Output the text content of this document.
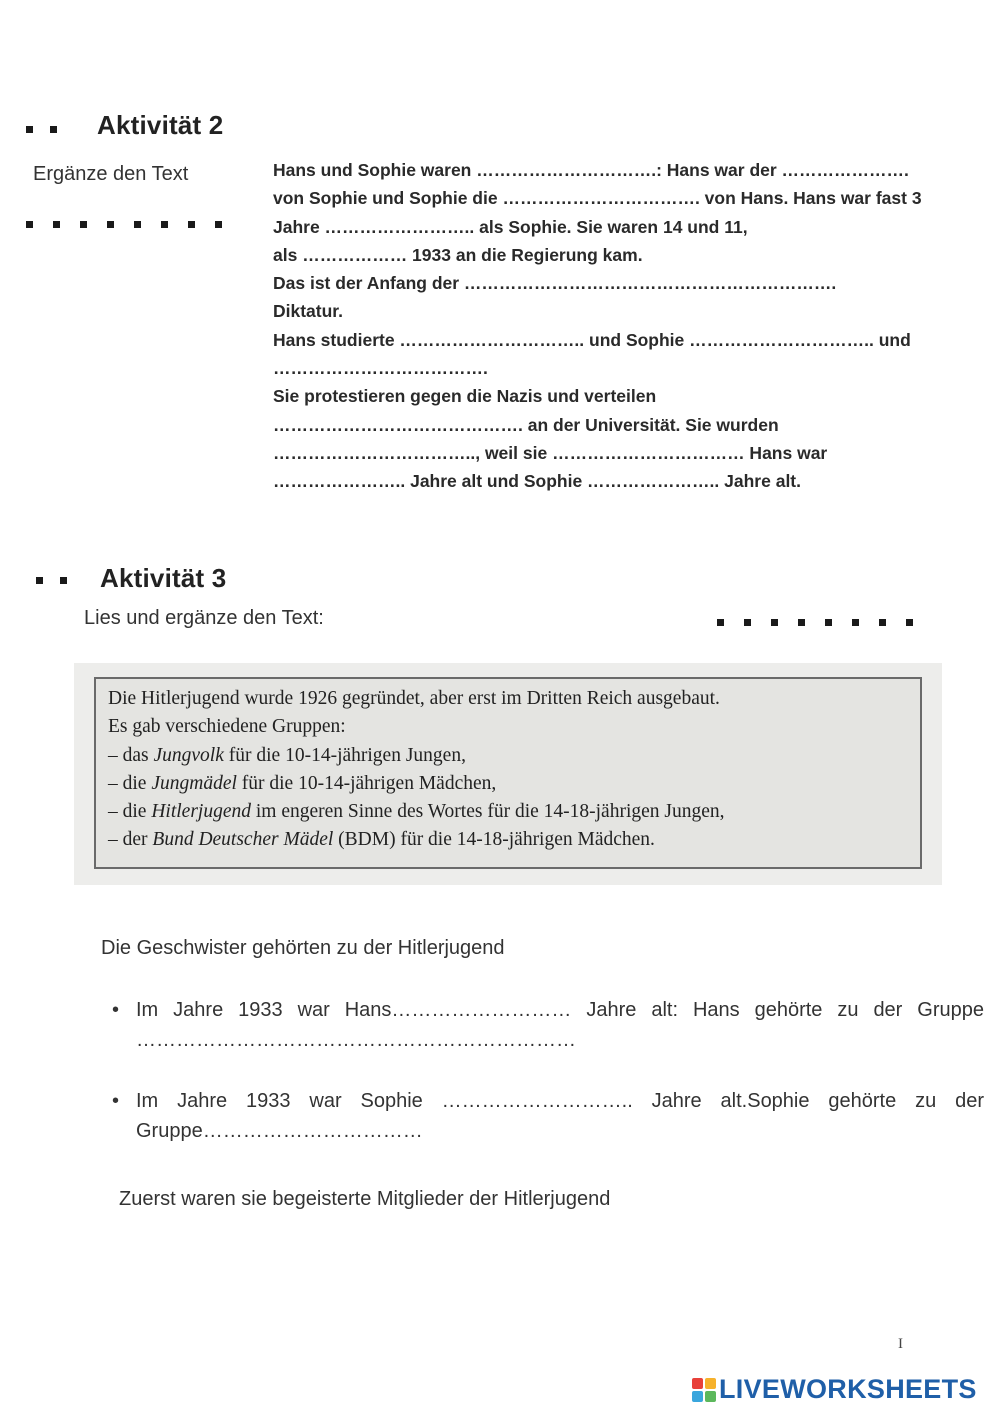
Aktivität 2
Ergänze den Text	Hans und Sophie waren ………………………….: Hans war der ………………….
von Sophie und Sophie die ……………………………. von Hans. Hans war fast 3
Jahre …………………….. als Sophie. Sie waren 14 und 11,
als ……………… 1933 an die Regierung kam.
Das ist der Anfang der ……………………………………………………….
Diktatur.
Hans studierte ………………………….. und Sophie ………………………….. und
……………………………….
Sie protestieren gegen die Nazis und verteilen
……………………………………. an der Universität. Sie wurden
…………………………….., weil sie …………………………… Hans war
………………….. Jahre alt und Sophie ………………….. Jahre alt.
Aktivität 3
Lies und ergänze den Text:
Die Hitlerjugend wurde 1926 gegründet, aber erst im Dritten Reich ausgebaut.
Es gab verschiedene Gruppen:
– das Jungvolk für die 10-14-jährigen Jungen,
– die Jungmädel für die 10-14-jährigen Mädchen,
– die Hitlerjugend im engeren Sinne des Wortes für die 14-18-jährigen Jungen,
– der Bund Deutscher Mädel (BDM) für die 14-18-jährigen Mädchen.
Die Geschwister gehörten zu der Hitlerjugend
• Im Jahre 1933 war Hans……………………… Jahre alt: Hans gehörte zu der Gruppe …………………………………………………………
• Im Jahre 1933 war Sophie ……………………….. Jahre alt.Sophie gehörte zu der Gruppe……………………………
Zuerst waren sie begeisterte Mitglieder der Hitlerjugend
I
LIVEWORKSHEETS
